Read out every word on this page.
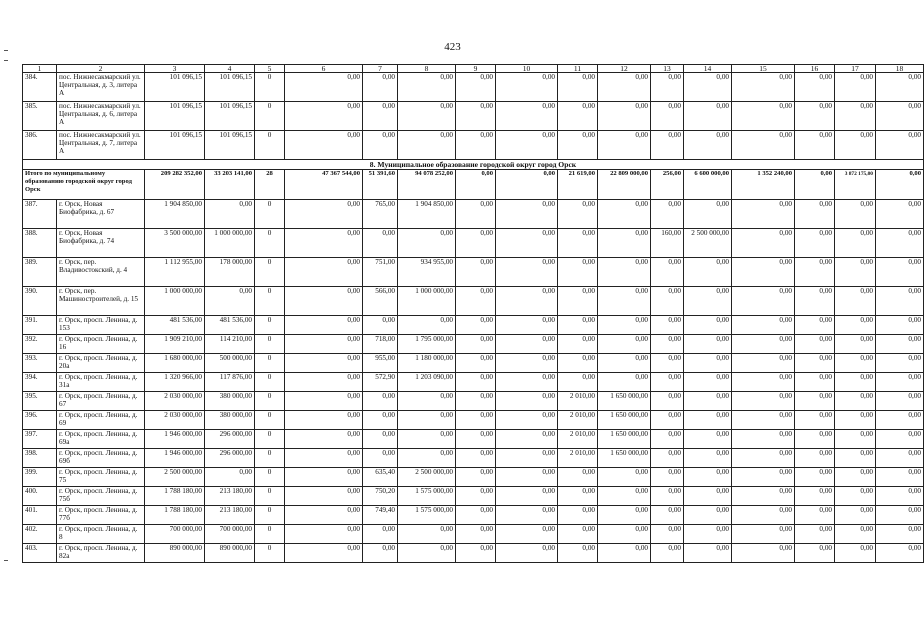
423
1	2	3	4	5	6	7	8	9	10	11	12	13	14	15	16	17	18
384.	пос. Нижнесакмарский ул. Центральная, д. 3, литера А	101 096,15	101 096,15	0	0,00	0,00	0,00	0,00	0,00	0,00	0,00	0,00	0,00	0,00	0,00	0,00	0,00
385.	пос. Нижнесакмарский ул. Центральная, д. 6, литера А	101 096,15	101 096,15	0	0,00	0,00	0,00	0,00	0,00	0,00	0,00	0,00	0,00	0,00	0,00	0,00	0,00
386.	пос. Нижнесакмарский ул. Центральная, д. 7, литера А	101 096,15	101 096,15	0	0,00	0,00	0,00	0,00	0,00	0,00	0,00	0,00	0,00	0,00	0,00	0,00	0,00
8. Муниципальное образование городской округ город Орск																	
Итого по муниципальному образованию городской округ город Орск		209 282 352,00	33 203 141,00	28	47 367 544,00	51 391,60	94 078 252,00	0,00	0,00	21 619,00	22 809 000,00	256,00	6 600 000,00	1 352 240,00	0,00	3 872 175,00	0,00
387.	г. Орск, Новая Биофабрика, д. 67	1 904 850,00	0,00	0	0,00	765,00	1 904 850,00	0,00	0,00	0,00	0,00	0,00	0,00	0,00	0,00	0,00	0,00
388.	г. Орск, Новая Биофабрика, д. 74	3 500 000,00	1 000 000,00	0	0,00	0,00	0,00	0,00	0,00	0,00	0,00	160,00	2 500 000,00	0,00	0,00	0,00	0,00
389.	г. Орск, пер. Владивостокский, д. 4	1 112 955,00	178 000,00	0	0,00	751,00	934 955,00	0,00	0,00	0,00	0,00	0,00	0,00	0,00	0,00	0,00	0,00
390.	г. Орск, пер. Машиностроителей, д. 15	1 000 000,00	0,00	0	0,00	566,00	1 000 000,00	0,00	0,00	0,00	0,00	0,00	0,00	0,00	0,00	0,00	0,00
391.	г. Орск, просп. Ленина, д. 153	481 536,00	481 536,00	0	0,00	0,00	0,00	0,00	0,00	0,00	0,00	0,00	0,00	0,00	0,00	0,00	0,00
392.	г. Орск, просп. Ленина, д. 16	1 909 210,00	114 210,00	0	0,00	718,00	1 795 000,00	0,00	0,00	0,00	0,00	0,00	0,00	0,00	0,00	0,00	0,00
393.	г. Орск, просп. Ленина, д. 20а	1 680 000,00	500 000,00	0	0,00	955,00	1 180 000,00	0,00	0,00	0,00	0,00	0,00	0,00	0,00	0,00	0,00	0,00
394.	г. Орск, просп. Ленина, д. 31а	1 320 966,00	117 876,00	0	0,00	572,90	1 203 090,00	0,00	0,00	0,00	0,00	0,00	0,00	0,00	0,00	0,00	0,00
395.	г. Орск, просп. Ленина, д. 67	2 030 000,00	380 000,00	0	0,00	0,00	0,00	0,00	0,00	2 010,00	1 650 000,00	0,00	0,00	0,00	0,00	0,00	0,00
396.	г. Орск, просп. Ленина, д. 69	2 030 000,00	380 000,00	0	0,00	0,00	0,00	0,00	0,00	2 010,00	1 650 000,00	0,00	0,00	0,00	0,00	0,00	0,00
397.	г. Орск, просп. Ленина, д. 69а	1 946 000,00	296 000,00	0	0,00	0,00	0,00	0,00	0,00	2 010,00	1 650 000,00	0,00	0,00	0,00	0,00	0,00	0,00
398.	г. Орск, просп. Ленина, д. 69б	1 946 000,00	296 000,00	0	0,00	0,00	0,00	0,00	0,00	2 010,00	1 650 000,00	0,00	0,00	0,00	0,00	0,00	0,00
399.	г. Орск, просп. Ленина, д. 75	2 500 000,00	0,00	0	0,00	635,40	2 500 000,00	0,00	0,00	0,00	0,00	0,00	0,00	0,00	0,00	0,00	0,00
400.	г. Орск, просп. Ленина, д. 75б	1 788 180,00	213 180,00	0	0,00	750,20	1 575 000,00	0,00	0,00	0,00	0,00	0,00	0,00	0,00	0,00	0,00	0,00
401.	г. Орск, просп. Ленина, д. 77б	1 788 180,00	213 180,00	0	0,00	749,40	1 575 000,00	0,00	0,00	0,00	0,00	0,00	0,00	0,00	0,00	0,00	0,00
402.	г. Орск, просп. Ленина, д. 8	700 000,00	700 000,00	0	0,00	0,00	0,00	0,00	0,00	0,00	0,00	0,00	0,00	0,00	0,00	0,00	0,00
403.	г. Орск, просп. Ленина, д. 82а	890 000,00	890 000,00	0	0,00	0,00	0,00	0,00	0,00	0,00	0,00	0,00	0,00	0,00	0,00	0,00	0,00
